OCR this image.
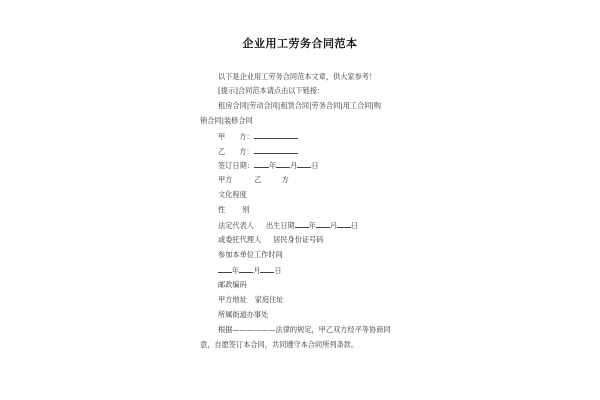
企业用工劳务合同范本
以下是企业用工劳务合同范本文章，供大家参考！
[提示]合同范本请点击以下链接：
租房合同|劳动合同|租赁合同|劳务合同|用工合同|购
销合同|装修合同
甲 方：
乙 方：
签订日期： 年 月 日
甲方	乙	方
文化程度
性 别
法定代表人 出生日期 年 月 日
或委托代理人 居民身份证号码
参加本单位工作时间
年 月 日
邮政编码
甲方地址 家庭住址
所属街道办事处
根据——————法律的规定，甲乙双方经平等协商同
意，自愿签订本合同，共同遵守本合同所列条款。
